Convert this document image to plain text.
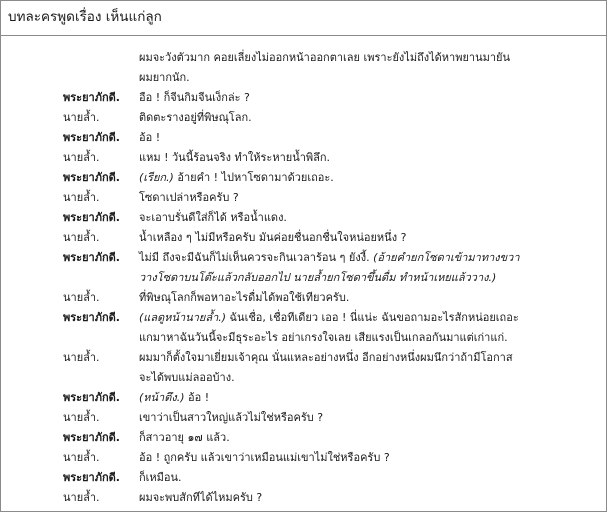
บทละครพูดเรื่อง เห็นแก่ลูก
ผมจะวังตัวมาก คอยเลี่ยงไม่ออกหน้าออกตาเลย เพราะยังไม่ถึงได้หาพยานมายัน
ผมยากนัก.
พระยาภักดี.	อือ ! ก็จีนกิมจีนเง็กล่ะ ?
นายล้ำ.	ติดตะรางอยู่ที่พิษณุโลก.
พระยาภักดี.	อ้อ !
นายล้ำ.	แหม ! วันนี้ร้อนจริง ทำให้ระหายน้ำพิลึก.
พระยาภักดี.	(เรียก.) อ้ายคำ ! ไปหาโซดามาด้วยเถอะ.
นายล้ำ.	โซดาเปล่าหรือครับ ?
พระยาภักดี.	จะเอาบรั่นดีใส่ก็ได้ หรือน้ำแดง.
นายล้ำ.	น้ำเหลือง ๆ ไม่มีหรือครับ มันค่อยชื่นอกชื่นใจหน่อยหนึ่ง ?
พระยาภักดี.	ไม่มี ถึงจะมีฉันก็ไม่เห็นควรจะกินเวลาร้อน ๆ ยังงี้. (อ้ายคำยกโซดาเข้ามาทางขวา
วางโซดาบนโต๊ะแล้วกลับออกไป นายล้ำยกโซดาขึ้นดื่ม ทำหน้าเหยแล้ววาง.)
นายล้ำ.	ที่พิษณุโลกก็พอหาอะไรดื่มได้พอใช้เทียวครับ.
พระยาภักดี.	(แลดูหน้านายล้ำ.) ฉันเชื่อ, เชื่อทีเดียว เออ ! นี่แน่ะ ฉันขอถามอะไรสักหน่อยเถอะ
แกมาหาฉันวันนี้จะมีธุระอะไร อย่าเกรงใจเลย เสียแรงเป็นเกลอกันมาแต่เก่าแก่.
นายล้ำ.	ผมมาก็ตั้งใจมาเยี่ยมเจ้าคุณ นั่นแหละอย่างหนึ่ง อีกอย่างหนึ่งผมนึกว่าถ้ามีโอกาส
จะได้พบแม่ลออบ้าง.
พระยาภักดี.	(หน้าตึง.) อ้อ !
นายล้ำ.	เขาว่าเป็นสาวใหญ่แล้วไม่ใช่หรือครับ ?
พระยาภักดี.	ก็สาวอายุ ๑๗ แล้ว.
นายล้ำ.	อ้อ ! ถูกครับ แล้วเขาว่าเหมือนแม่เขาไม่ใช่หรือครับ ?
พระยาภักดี.	ก็เหมือน.
นายล้ำ.	ผมจะพบสักทีได้ไหมครับ ?
